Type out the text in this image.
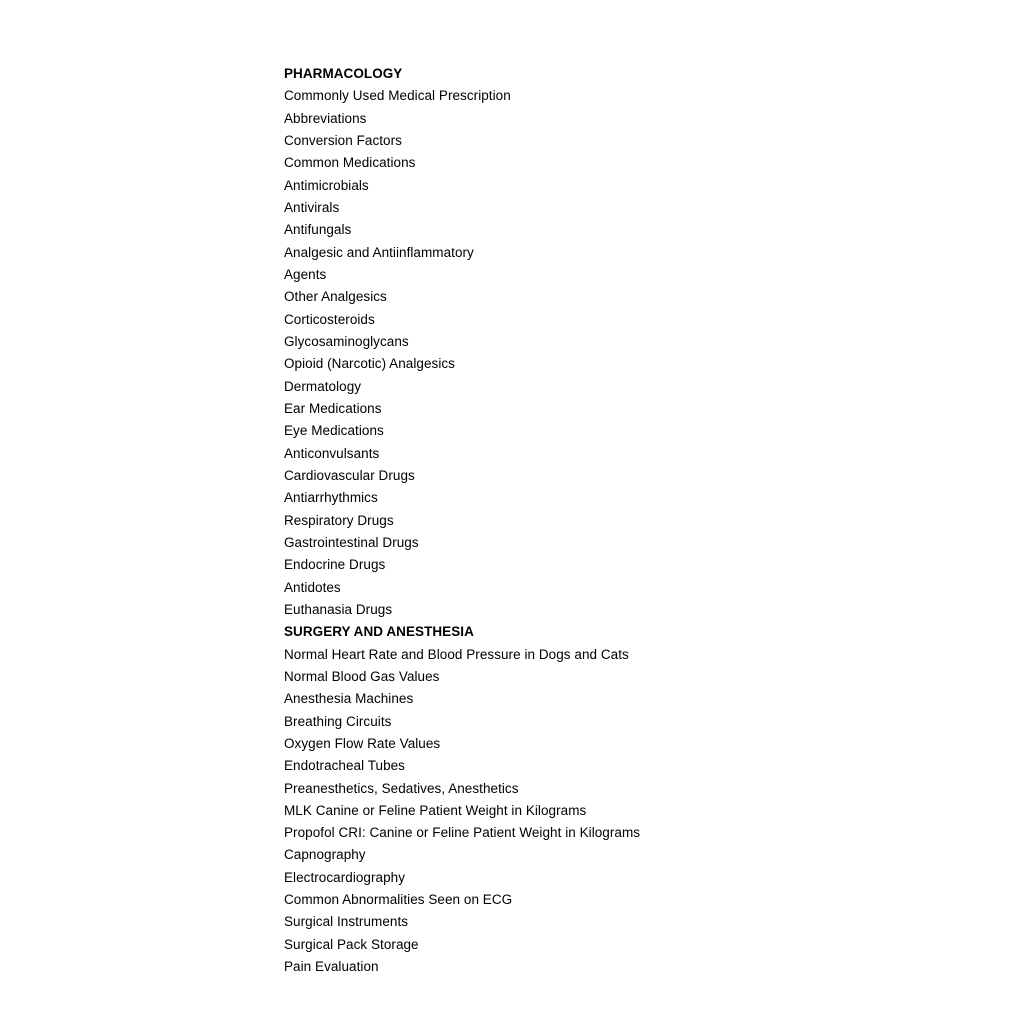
PHARMACOLOGY
Commonly Used Medical Prescription
Abbreviations
Conversion Factors
Common Medications
Antimicrobials
Antivirals
Antifungals
Analgesic and Antiinflammatory
Agents
Other Analgesics
Corticosteroids
Glycosaminoglycans
Opioid (Narcotic) Analgesics
Dermatology
Ear Medications
Eye Medications
Anticonvulsants
Cardiovascular Drugs
Antiarrhythmics
Respiratory Drugs
Gastrointestinal Drugs
Endocrine Drugs
Antidotes
Euthanasia Drugs
SURGERY AND ANESTHESIA
Normal Heart Rate and Blood Pressure in Dogs and Cats
Normal Blood Gas Values
Anesthesia Machines
Breathing Circuits
Oxygen Flow Rate Values
Endotracheal Tubes
Preanesthetics, Sedatives, Anesthetics
MLK Canine or Feline Patient Weight in Kilograms
Propofol CRI: Canine or Feline Patient Weight in Kilograms
Capnography
Electrocardiography
Common Abnormalities Seen on ECG
Surgical Instruments
Surgical Pack Storage
Pain Evaluation
